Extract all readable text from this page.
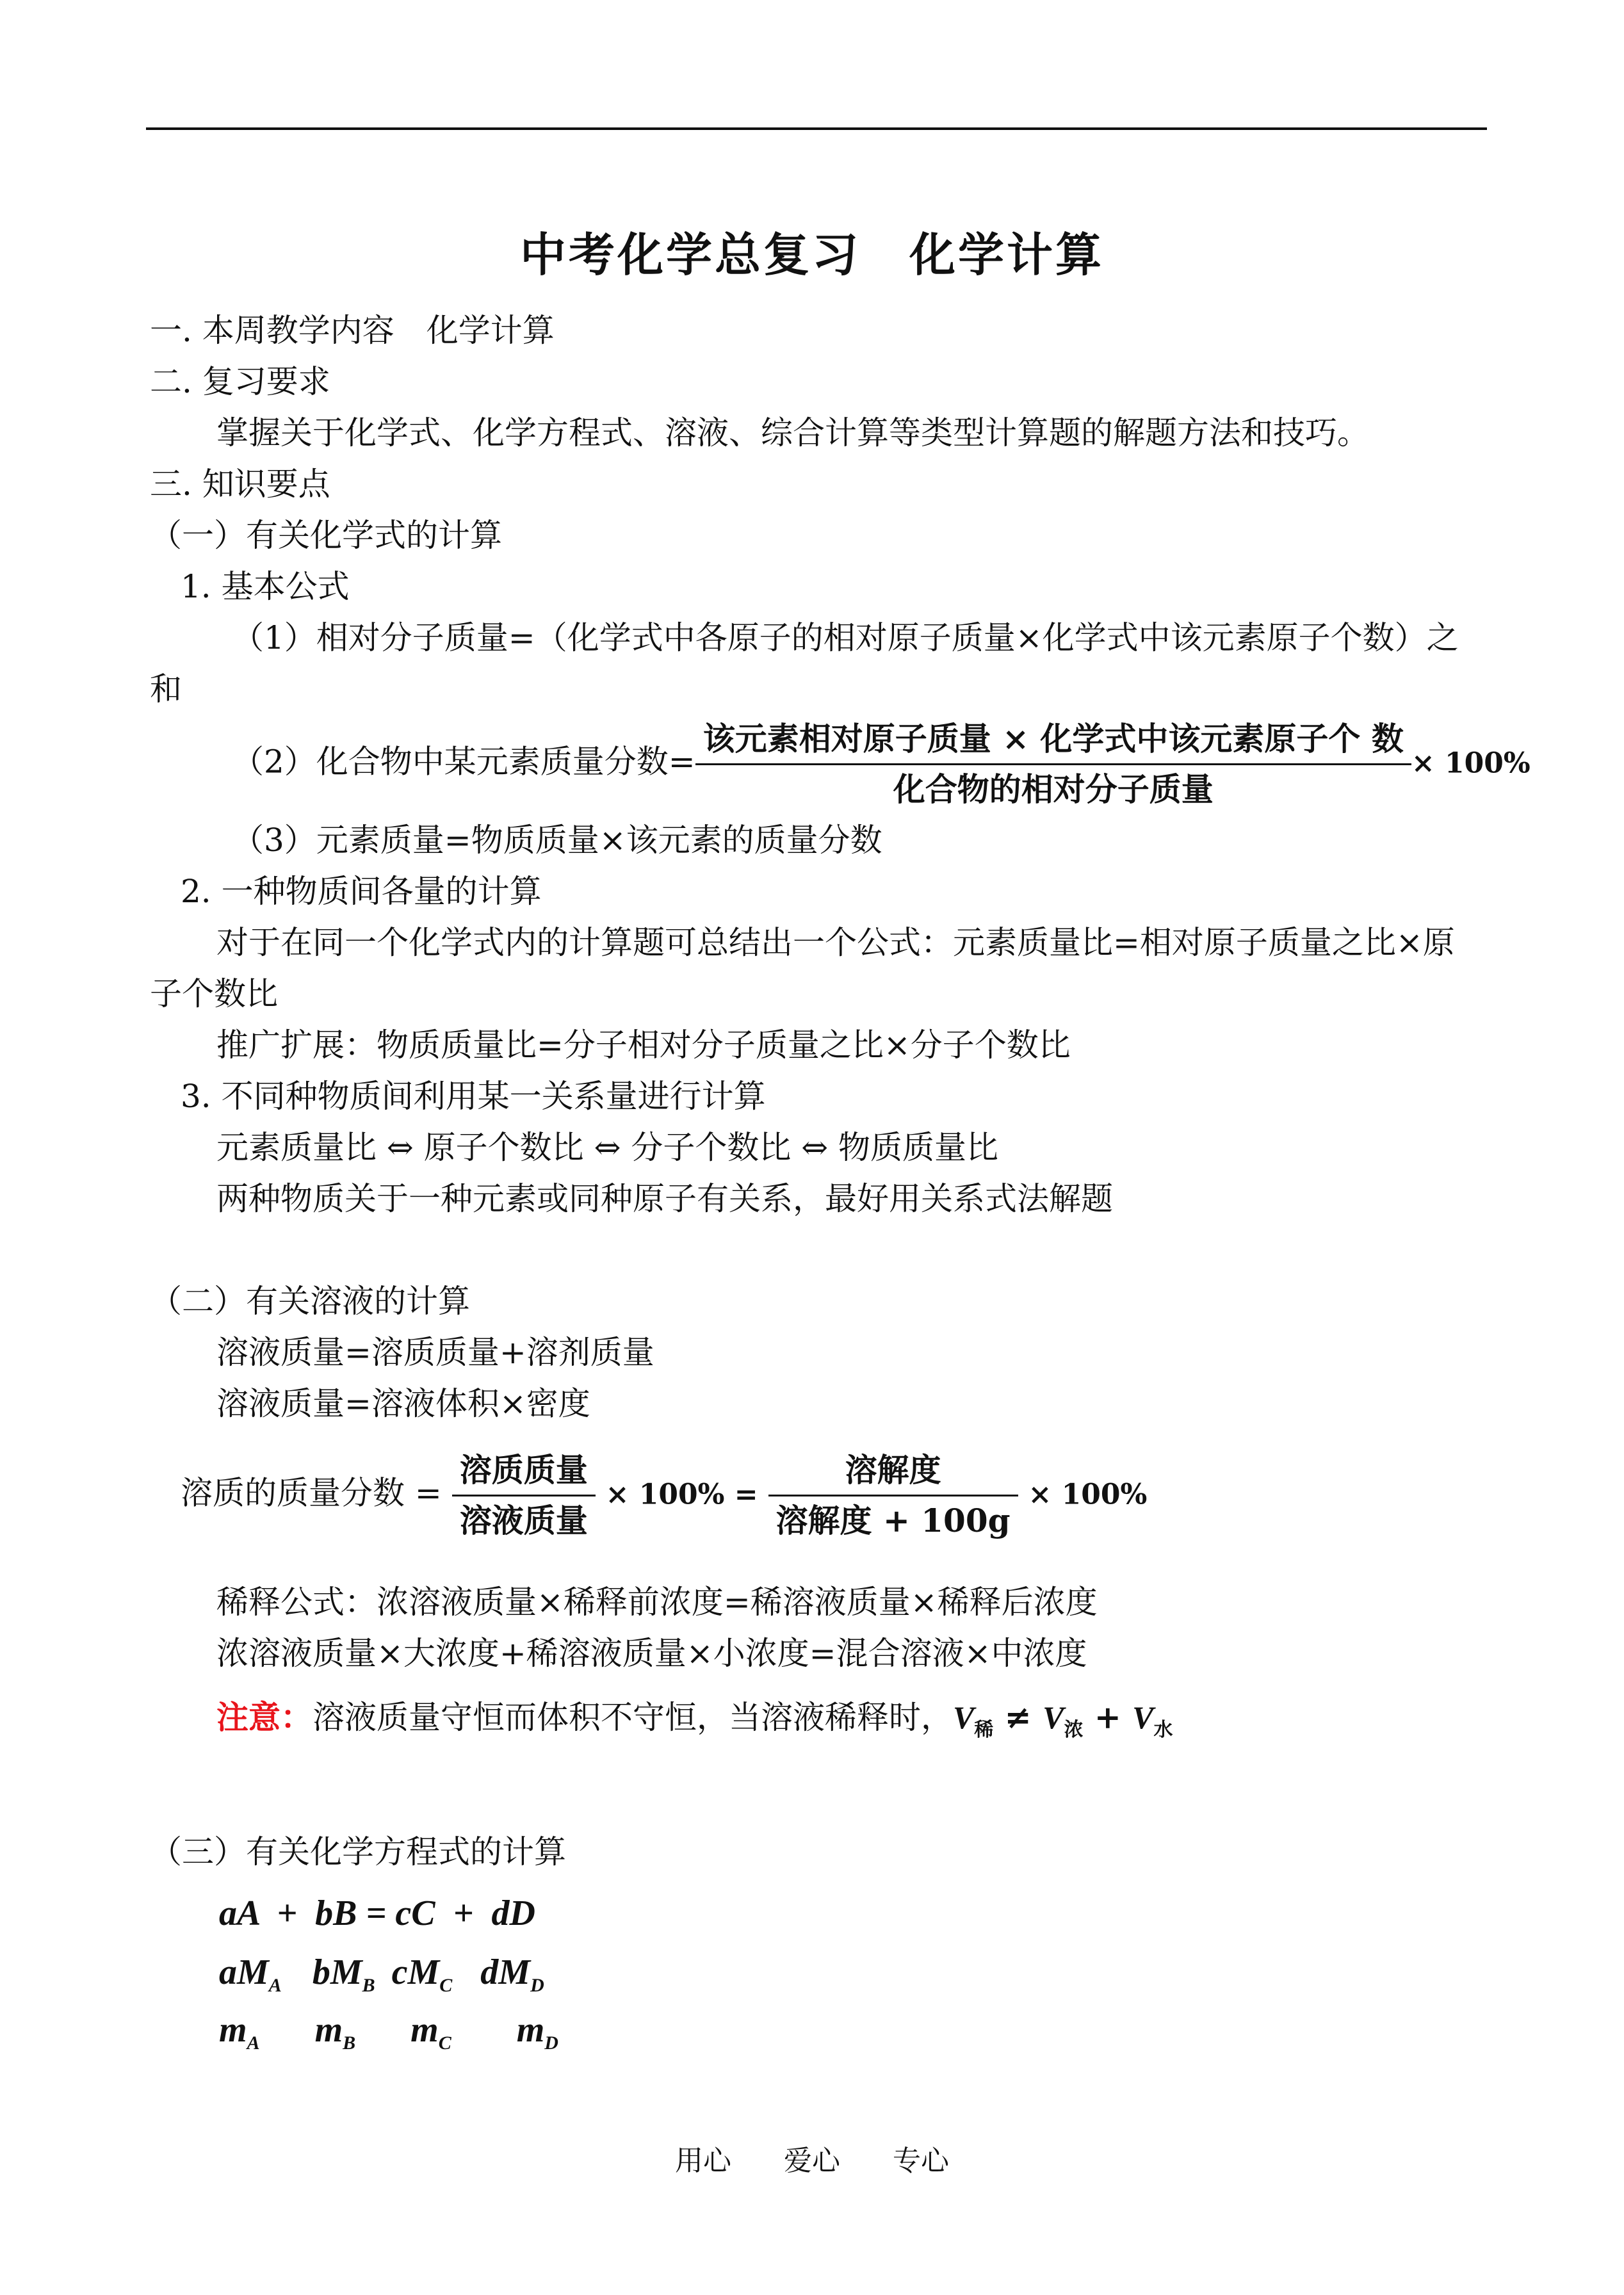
中考化学总复习　化学计算
一. 本周教学内容　化学计算
二. 复习要求
掌握关于化学式、化学方程式、溶液、综合计算等类型计算题的解题方法和技巧。
三. 知识要点
（一）有关化学式的计算
1. 基本公式
（1）相对分子质量=（化学式中各原子的相对原子质量×化学式中该元素原子个数）之
和
（2）化合物中某元素质量分数= $\frac{\text{该元素相对原子质量 × 化学式中该元素原子个 数}}{\text{化合物的相对分子质量}} \times 100\%$
（3）元素质量=物质质量×该元素的质量分数
2. 一种物质间各量的计算
对于在同一个化学式内的计算题可总结出一个公式：元素质量比=相对原子质量之比×原
子个数比
推广扩展：物质质量比=分子相对分子质量之比×分子个数比
3. 不同种物质间利用某一关系量进行计算
元素质量比 ⇔ 原子个数比 ⇔ 分子个数比 ⇔ 物质质量比
两种物质关于一种元素或同种原子有关系，最好用关系式法解题
（二）有关溶液的计算
溶液质量=溶质质量+溶剂质量
溶液质量=溶液体积×密度
溶质的质量分数 = $\frac{\text{溶质质量}}{\text{溶液质量}} \times 100\% = \frac{\text{溶解度}}{\text{溶解度 + 100g}} \times 100\%$
稀释公式：浓溶液质量×稀释前浓度=稀溶液质量×稀释后浓度
浓溶液质量×大浓度+稀溶液质量×小浓度=混合溶液×中浓度
注意：溶液质量守恒而体积不守恒，当溶液稀释时，$V_稀 \ne V_浓 + V_水$
（三）有关化学方程式的计算
aA  +  bB = cC  +  dD
$aM_A$ $bM_B$ $cM_C$ $dM_D$
$m_A$ $m_B$ $m_C$ $m_D$
用心 爱心 专心
